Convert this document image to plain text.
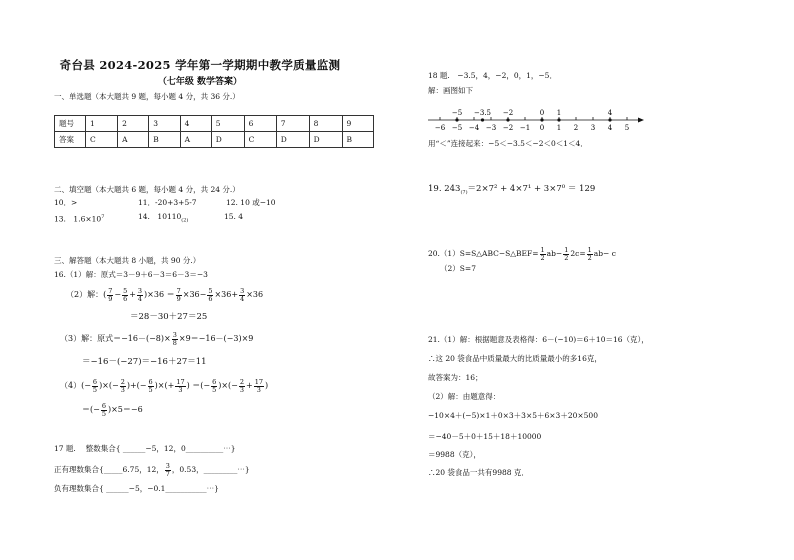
奇台县 2024-2025 学年第一学期期中教学质量监测
（七年级 数学答案）
一、单选题（本大题共 9 题，每小题 4 分，共 36 分.）
题号	1	2	3	4	5	6	7	8	9
答案	C	A	B	A	D	C	D	D	B
二、填空题（本大题共 6 题，每小题 4 分，共 24 分.）
10．>	11．-20+3+5-7	12. 10 或−10
13.　$1.6\times 10^7$	14.　$10110_{(2)}$	15. 4
三、解答题（本大题共 8 小题，共 90 分.）
16.（1）解：原式＝3－9＋6－3＝6－3＝−3
（2）解：( $\frac{7}{9} - \frac{5}{6} + \frac{3}{4} )\times 36 = \frac{7}{9} \times 36- \frac{5}{6} \times 36+ \frac{3}{4} \times 36$
＝28－30＋27＝25
（3）解：原式$=-16-(-8)\times \frac{3}{8} \times 9=-16-(-3)\times 9$
＝−16－(−27)＝−16＋27＝11
$(4)(- \frac{6}{5}$ )×(− $\frac{2}{3}$ )+(− $\frac{6}{5}$ )×(+ $\frac{17}{3}$ ) ＝(− $\frac{6}{5}$ )×(− $\frac{2}{3} + \frac{17}{3}$ )
＝(− $\frac{6}{5} )\times 5=-6$
17 题.　 整数集合{ ______−5，12，0__________⋯}
正有理数集合{_____6.75，12， $\frac{3}{7}$ ，0.53，_________⋯}
负有理数集合{ ______−5，−0.1___________⋯}
18 题.　−3.5，4，−2，0，1，−5．
解：画图如下
−6 −5 −4 −3 −2 −1 0 1 2 3 4 5
−5 −3.5 −2	0 1	4
用“＜”连接起来：−5＜−3.5＜−2＜0＜1＜4．
19. $243_{(7)}=2\times 7^2 + 4\times 7^1 + 3\times 7^0 = 129$
20.（1）S=S△ABC−S△BEF= $\frac{1}{2} ab- \frac{1}{2} 2c= \frac{1}{2} ab- c$
（2）S=7
21.（1）解：根据题意及表格得：6－(−10)＝6＋10＝16（克），
∴这 20 袋食品中质量最大的比质量最小的多16克，
故答案为：16；
（2）解：由题意得：
−10×4＋(−5)×1＋0×3＋3×5＋6×3＋20×500
＝−40－5＋0＋15＋18＋10000
＝9988（克），
∴20 袋食品一共有9988 克．
